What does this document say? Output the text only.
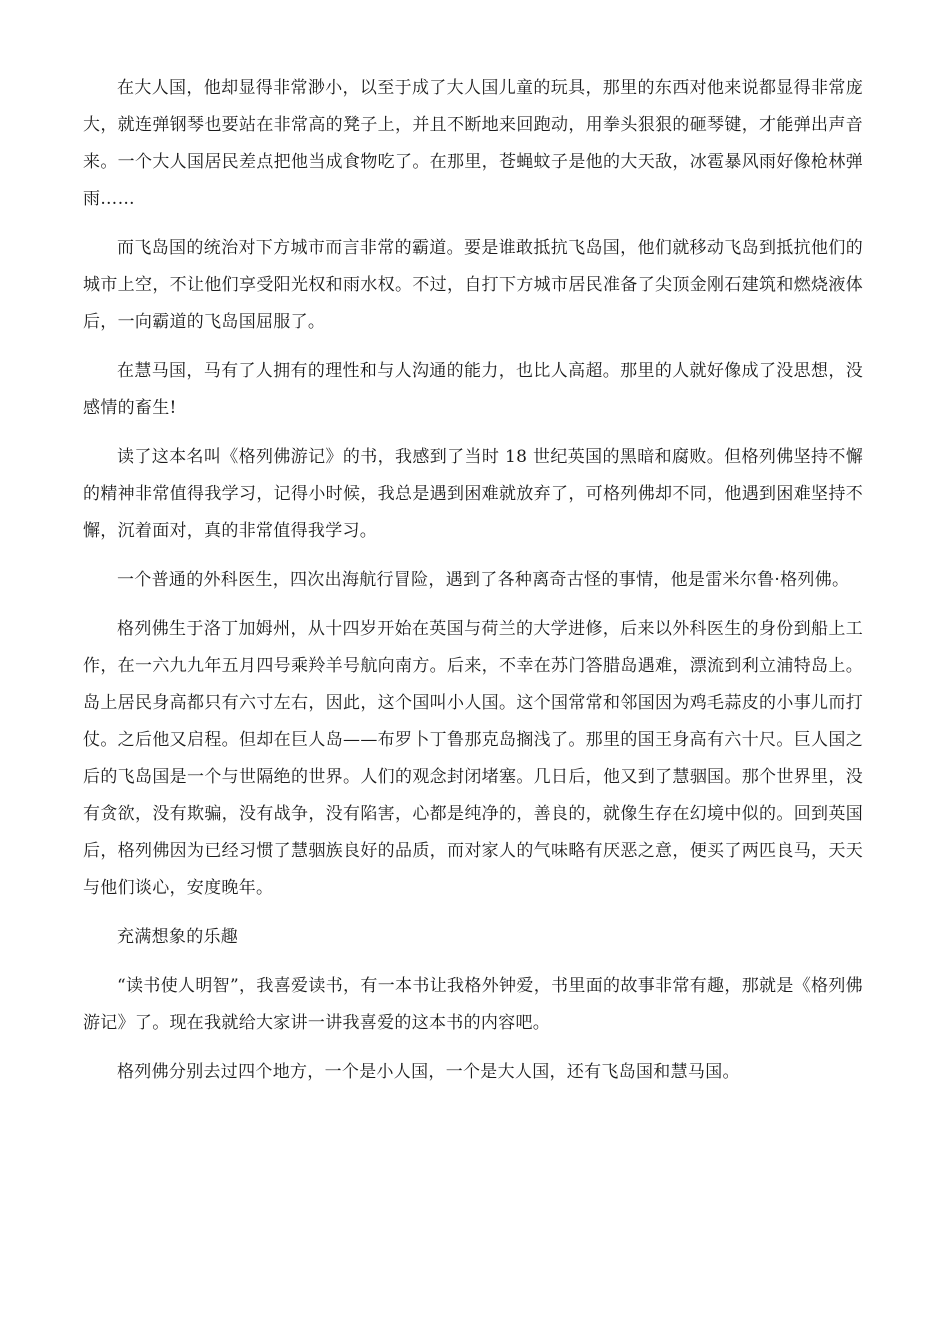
在大人国，他却显得非常渺小，以至于成了大人国儿童的玩具，那里的东西对他来说都显得非常庞大，就连弹钢琴也要站在非常高的凳子上，并且不断地来回跑动，用拳头狠狠的砸琴键，才能弹出声音来。一个大人国居民差点把他当成食物吃了。在那里，苍蝇蚊子是他的大天敌，冰雹暴风雨好像枪林弹雨……

而飞岛国的统治对下方城市而言非常的霸道。要是谁敢抵抗飞岛国，他们就移动飞岛到抵抗他们的城市上空，不让他们享受阳光权和雨水权。不过，自打下方城市居民准备了尖顶金刚石建筑和燃烧液体后，一向霸道的飞岛国屈服了。

在慧马国，马有了人拥有的理性和与人沟通的能力，也比人高超。那里的人就好像成了没思想，没感情的畜生!

读了这本名叫《格列佛游记》的书，我感到了当时 18 世纪英国的黑暗和腐败。但格列佛坚持不懈的精神非常值得我学习，记得小时候，我总是遇到困难就放弃了，可格列佛却不同，他遇到困难坚持不懈，沉着面对，真的非常值得我学习。

一个普通的外科医生，四次出海航行冒险，遇到了各种离奇古怪的事情，他是雷米尔鲁·格列佛。

格列佛生于洛丁加姆州，从十四岁开始在英国与荷兰的大学进修，后来以外科医生的身份到船上工作，在一六九九年五月四号乘羚羊号航向南方。后来，不幸在苏门答腊岛遇难，漂流到利立浦特岛上。岛上居民身高都只有六寸左右，因此，这个国叫小人国。这个国常常和邻国因为鸡毛蒜皮的小事儿而打仗。之后他又启程。但却在巨人岛——布罗卜丁鲁那克岛搁浅了。那里的国王身高有六十尺。巨人国之后的飞岛国是一个与世隔绝的世界。人们的观念封闭堵塞。几日后，他又到了慧骃国。那个世界里，没有贪欲，没有欺骗，没有战争，没有陷害，心都是纯净的，善良的，就像生存在幻境中似的。回到英国后，格列佛因为已经习惯了慧骃族良好的品质，而对家人的气味略有厌恶之意，便买了两匹良马，天天与他们谈心，安度晚年。

充满想象的乐趣

“读书使人明智”，我喜爱读书，有一本书让我格外钟爱，书里面的故事非常有趣，那就是《格列佛游记》了。现在我就给大家讲一讲我喜爱的这本书的内容吧。

格列佛分别去过四个地方，一个是小人国，一个是大人国，还有飞岛国和慧马国。
